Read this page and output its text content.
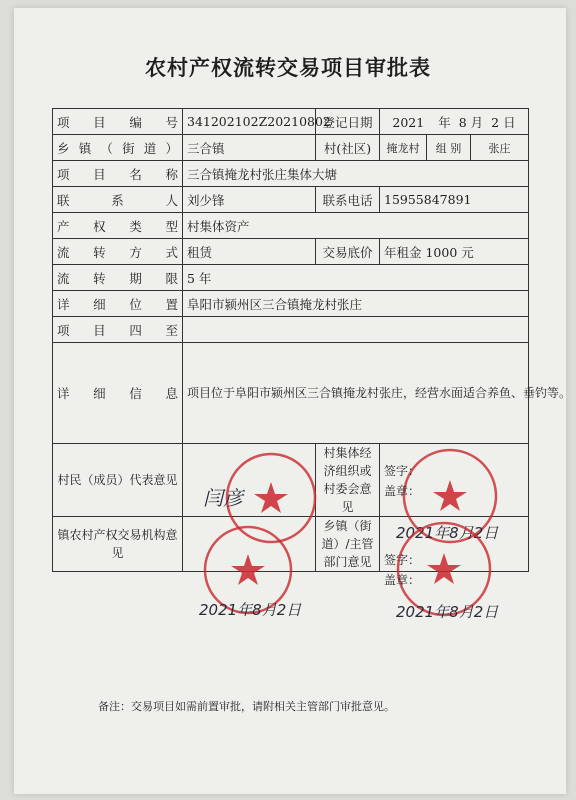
农村产权流转交易项目审批表
项 目 编 号	341202102Z20210802	登记日期	2021 年 8 月 2 日		
乡镇（街道）	三合镇	村(社区)	掩龙村	组 别	张庄
项 目 名 称	三合镇掩龙村张庄集体大塘				
联 系 人	刘少锋	联系电话	15955847891		
产 权 类 型	村集体资产				
流 转 方 式	租赁	交易底价	年租金 1000 元		
流 转 期 限	5 年				
详 细 位 置	阜阳市颍州区三合镇掩龙村张庄				
项 目 四 至					
详 细 信 息	项目位于阜阳市颍州区三合镇掩龙村张庄，经营水面适合养鱼、垂钓等。				

村民（成员）代表意见	闫彦	村集体经济组织或村委会意见	签字：
盖章：
2021年8月2日		

镇农村产权交易机构意见	2021年8月2日	乡镇（街道）/主管部门意见	签字：
盖章：
2021年8月2日		
备注：交易项目如需前置审批，请附相关主管部门审批意见。
